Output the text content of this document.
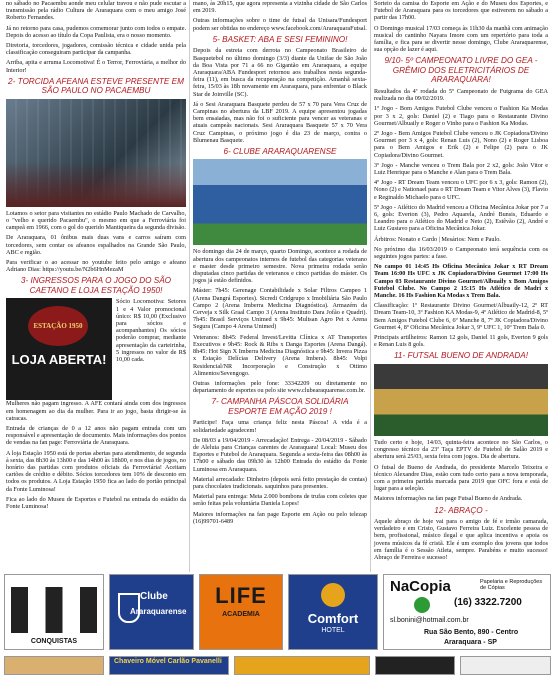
no sábado no Pacaembu aonde meu celular travou e não pude escutar a transmissão pela rádio Cultura de Araraquara com o meu amigo José Roberto Fernandes.

Já no retorno para casa, pudemos comemorar junto com todos o empate. Depois do acesso ao título da Copa Paulista, era o nosso momento.

Diretoria, torcedores, jogadores, comissão técnica e cidade unida pela classificação conseguiram participar da campanha.

Arriba, apita e arruma Locomotiva! É o Terror, Ferroviária, a melhor do Interior!

2- TORCIDA AFEANA ESTEVE PRESENTE EM SÃO PAULO NO PACAEMBU

Lotamos o setor para visitantes no estádio Paulo Machado de Carvalho, o "velho e querido Pacaembu", o mesmo em que a Ferroviária foi campeã em 1966, com o gol do querido Mantiqueira da segunda divisão.

De Araraquara, 01 ônibus mais duas vans e carros saíram com torcedores, sem contar os afeanos espalhados na Grande São Paulo, ABC e região.

Para verificar o ao acessar no youtube feito pelo amigo e afeano Adriano Dias: https://youtu.be/N2b6HnMezaM

3- INGRESSOS PARA O JOGO DO SÃO CAETANO E LOJA ESTAÇÃO 1950!
ESTAÇÃO 1950
LOJA ABERTA!

Sócio Locomotiva: Setores 1 e 4 Valor promocional único: R$ 10,00 (Exclusivo para sócios e acompanhantes) Os sócios poderão comprar, mediante apresentação da carteirinha, 5 ingressos no valor de R$ 10,00 cada.

Mulheres não pagam ingresso. A AFE contará ainda com dos ingressos em homenagem ao dia da mulher. Para ir ao jogo, basta dirigir-se às catracas.

Entrada de crianças de 0 a 12 anos não pagam entrada com um responsável e apresentação de documento. Mais informações dos pontos de vendas na fan page: Ferroviária de Araraquara.

A loja Estação 1950 está de portas abertas para atendimento, de segunda à sexta, das 8h30 às 13h00 e das 14h00 às 18h00, e nos dias de jogos, no horário das partidas com produtos oficiais da Ferroviária! Aceitam cartões de crédito e débito. Sócios torcedores tem 10% de desconto em todos os produtos. A Loja Estação 1950 fica ao lado do portão principal da Fonte Luminosa!

Fica ao lado do Museu de Esportes e Futebol na entrada do estádio da Fonte Luminosa!

mano, às 20h15, que agora representa a vizinha cidade de São Carlos em 2019.

Outras informações sobre o time de futsal da Unisara/Fundesport podem ser obtidas no endereço www.facebook.com/AraraquaraFutsal.

5- BASKET: ABA E SESI FEMININO!

Depois da estreia com derrota no Campeonato Brasileiro de Basquetebol no último domingo (3/3) diante da Unifae de São João da Boa Vista por 71 a 66 no Gigantão em Araraquara, a equipe Araraquara/ABA Fundesport retornou aos trabalhos nesta segunda-feira (11), em busca da recuperação na competição. Amanhã sexta-feira, 15/03 às 18h novamente em Araraquara, para enfrentar o Black Star de Joinville (SC).

Já o Sesi Araraquara Basquete perdeu de 57 x 70 para Vera Cruz de Campinas no abertura da LBF 2019. A equipe apresentou jogadas bem ensaiadas, mas não foi o suficiente para vencer as veteranas e atuais campeãs nacionais. Sesi Araraquara Basquete 57 x 70 Vera Cruz Campinas, o próximo jogo é dia 23 de março, contra o Blumenau Basquete.

6- CLUBE ARARAQUARENSE

No domingo dia 24 de março, quarto Domingo, acontece a rodada de abertura dos campeonatos internos de futebol das categorias veterano e master desde primeiro semestre. Nova primeira rodada serão disputadas cinco partidas de veteranos e cinco partidas do máster. Os jogos já estão definidos.

Máster: 7h45: Gerenage Contabilidade x Solar Filtros Campeo 1 (Arena Dangrá Esportes). Sicredi Cridgrupo x Imobiliária São Paulo Campo 2 (Arena Imberra Medicina Diagnóstica). Armazém da Cerveja x Silk Graal Campo 3 (Arena Instituto Dara Jofão e Quadri). 7h45: Brasil Serviços Unimed x 9h45: Multsan Agro Pet x Arena Segura (Campo 4 Arena Unimed)

Veteranos: 8h45: Federal Invest/Levitta Clínica x AT Transportes Executivos e 9h45: Rock & Ribs x Danga Esportes (Arena Dangá). 8h45: Hot Sign X Imberra Medicina Diagnóstica e 9h45: Invera Pizza x Estação Delícias Delivery (Arena Imbera). 8h45: Volpi Residencial/NR Incorporação e Construção x Ottimo Alimentos/Sevengogo.

Outras informações pelo fone: 33342209 ou diretamente no departamento de esportes ou pelo site www.clubearaquarense.com.br.

7- CAMPANHA PÁSCOA SOLIDÁRIA ESPORTE EM AÇÃO 2019 !

Participe! Faça uma criança feliz nesta Páscoa! A vida é a solidariedade agradecem!

De 08/03 a 19/04/2019 - Arrecadação! Entrega - 20/04/2019 - Sábado de Aleluia para Crianças carentes de Araraquara! Local: Museu dos Esportes e Futebol de Araraquara. Segunda a sexta-feira das 08h00 às 17h00 e sábado das 09h30 às 12h00 Entrada do estádio da Fonte Luminosa em Araraquara.

Material arrecadado: Dinheiro (depois será feito prestação de contas) para chocolates tradicionais. saquinhos para presentes.

Material para entrega: Meta 2.000 bombons de trufas com coletes que serão feitas pela voluntária Daniela Lopes!

Maiores informações na fan page Esporte em Ação ou pelo telezap (16)99701-6489

Sorteio da camisa do Esporte em Ação e do Museu dos Esportes, e Futebol de Araraquara para os torcedores que estiverem no sábado a partir das 17h00.

O Domingo musical 17/03 começa às 11h30 da manhã com animação musical do cantinho Nayara Imore com um repertório para toda a família, e fica para se divertir nesse domingo, Clube Araraquarense, sua opção de lazer é aqui.

9/10- 5º CAMPEONATO LIVRE DO GEA - GRÊMIO DOS ELETRICITÁRIOS DE ARARAQUARA!

Resultados da 4ª rodada do 5º Campeonato de Futgrama do GEA realizada no dia 09/02/2019.

1º Jogo - Bom Amigos Futebol Clube venceu o Fashion Ka Modas por 3 x 2, gols: Daniel (2) e Tiago para o Restaurante Divino Gourmet/Albuaily e Roger o Vinho para o Fashion Ka Modas.

2º Jogo - Bem Amigos Futebol Clube venceu o JK Copiadora/Divino Gourmet por 3 x 4, gols: Renan Luis (2), Nono (2) e Roger Lisboa para o Bem Amigos e Erik (2) e Felipe (2) para o JK Copiadora/Divino Gourmet.

3º Jogo - Manche venceu o Trem Bala por 2 x2, gols: João Vitor e Luiz Henrique para o Manche e Alan para o Trem Bala.

4º Jogo - RT Dream Team venceu o UFC por 6 x 3, gols: Ramon (2), Nono (2) e Nationael para o RT Dream Team e Vitor Alves (3), Flavio e Reginaldo Michaelo para o UFC.

5º Jogo - Atlético do Madrid venceu a Oficina Mecânica Jokar por 7 a 6, gols: Everton (3), Pedro Aquarela, André Bunsis, Eduardo e Leandro para o Atlético do Madrid e Neto (2), Estêvão (2), André e Luiz Gustavo para a Oficina Mecânica Jokar.

Árbitros: Nonato e Cardo | Mesários: Nem e Paulo.

No próximo dia 16/03/2019 o Campeonato terá sequência com os seguintes jogos partes: a fase.

No campo 01 14:45 Hs Oficina Mecânica Jokar x RT Dream Team 16:00 Hs UFC x JK Copiadora/Divino Gourmet 17:00 Hs Campo 03 Restaurante Divino Gourmet/Albuaily x Bom Amigos Futebol Clube. No Campo 2 15:15 Hs Atlético de Madri x Manche. 16 Hs Fashion Ka Modas x Trem Bala.

Classificação: 1º Restaurante Divino Gourmet/Albuaily-12, 2º RT Dream Team-10, 3º Fashion KA Modas-9, 4º Atlético de Madrid-8, 5º Bem Amigos Futebol Clube 6, 6º Manche 8, 7º JK Copiadora/Divino Gourmet 4, 8º Oficina Mecânica Jokar 3, 9º UFC 1, 10º Trem Bala 0.

Principais artilheiros: Ramon 12 gols, Daniel 11 gols, Everton 9 gols e Renan Luis 8 gols.

11- FUTSAL BUENO DE ANDRADA!

Tudo certo e hoje, 14/03, quinta-feira acontece no São Carlos, o congresso técnico da 23ª Taça EPTV de Futebol de Salão 2019 e abertura será 25/03, sexta feira com jogos. Dia de abertura.

O futsal de Bueno de Andrada, do presidente Marcelo Teixeira e técnico Alexandre Dias, estão com tudo certo para a nova temporada, com a primeira partida marcada para 2019 que OFC fora e está de lugar para a seleção.

Maiores informações na fan page Futsal Bueno de Andrada.

12- ABRAÇO -

Aquele abraço de hoje vai para o amigo de fé e irmão camarada, verdadeiro e em Cristo, Gustavo Ferreira Luiz. Excelente pessoa de bem, profissional, músico ilegal e que aplica incentiva e apoia os jovens músicos da fé cristã. Ele é um exemplo dos jovens que todos em família é o Sessão Atleta, sempre. Parabéns e muito sucesso! Abraço de Ferreira e sucesso!

CONQUISTAS
Clube
Araraquarense
LIFE
ACADEMIA	Comfort
HOTEL
NaCopia	Papelaria e Reproduções de Cópias
(16) 3322.7200
sl.bonini@hotmail.com.br
Rua São Bento, 890 - Centro
Araraquara - SP
Chaveiro Móvel Carlão Pavanelli
